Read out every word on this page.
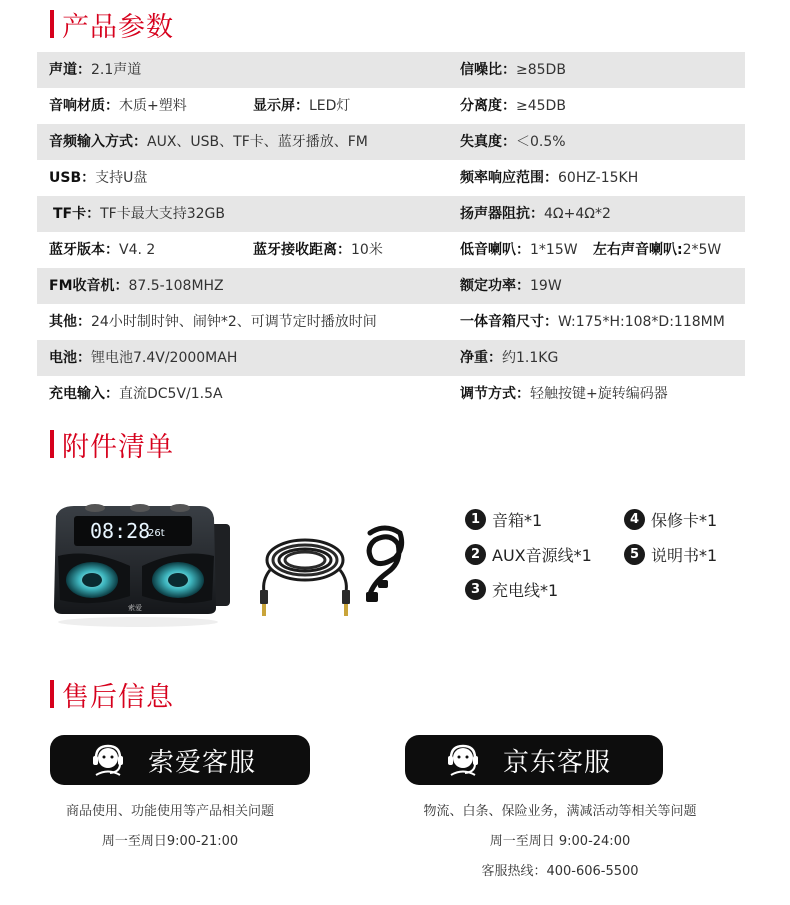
产品参数
声道：2.1声道	信噪比：≥85DB
音响材质：木质+塑料	显示屏：LED灯	分离度：≥45DB
音频输入方式：AUX、USB、TF卡、蓝牙播放、FM	失真度：＜0.5%
USB：支持U盘	频率响应范围：60HZ-15KH
TF卡：TF卡最大支持32GB	扬声器阻抗：4Ω+4Ω*2
蓝牙版本：V4. 2	蓝牙接收距离：10米	低音喇叭：1*15W 左右声音喇叭:2*5W
FM收音机：87.5-108MHZ	额定功率：19W
其他：24小时制时钟、闹钟*2、可调节定时播放时间	一体音箱尺寸：W:175*H:108*D:118MM
电池：锂电池7.4V/2000MAH	净重：约1.1KG
充电输入：直流DC5V/1.5A	调节方式：轻触按键+旋转编码器
附件清单
08:28
26t
索爱
1 音箱*1
2 AUX音源线*1
3 充电线*1
4 保修卡*1
5 说明书*1
售后信息
索爱客服	京东客服
商品使用、功能使用等产品相关问题
周一至周日9:00-21:00
物流、白条、保险业务，满减活动等相关等问题
周一至周日 9:00-24:00
客服热线：400-606-5500
